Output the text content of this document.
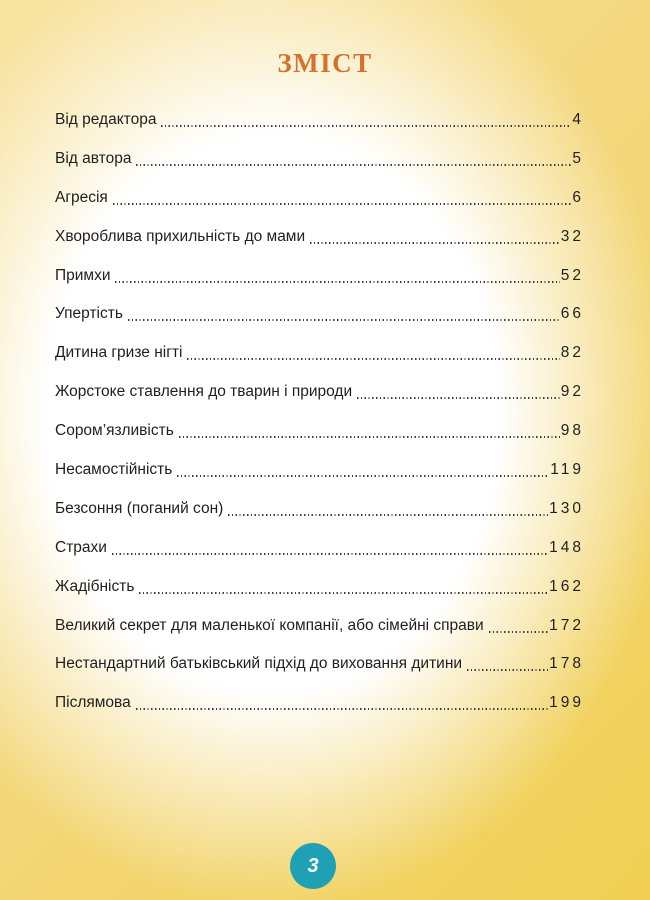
ЗМІСТ
Від редактора	4
Від автора	5
Агресія	6
Хвороблива прихильність до мами	32
Примхи	52
Упертість	66
Дитина гризе нігті	82
Жорстоке ставлення до тварин і природи	92
Сором’язливість	98
Несамостійність	119
Безсоння (поганий сон)	130
Страхи	148
Жадібність	162
Великий секрет для маленької компанії, або сімейні справи	172
Нестандартний батьківський підхід до виховання дитини	178
Післямова	199
3
